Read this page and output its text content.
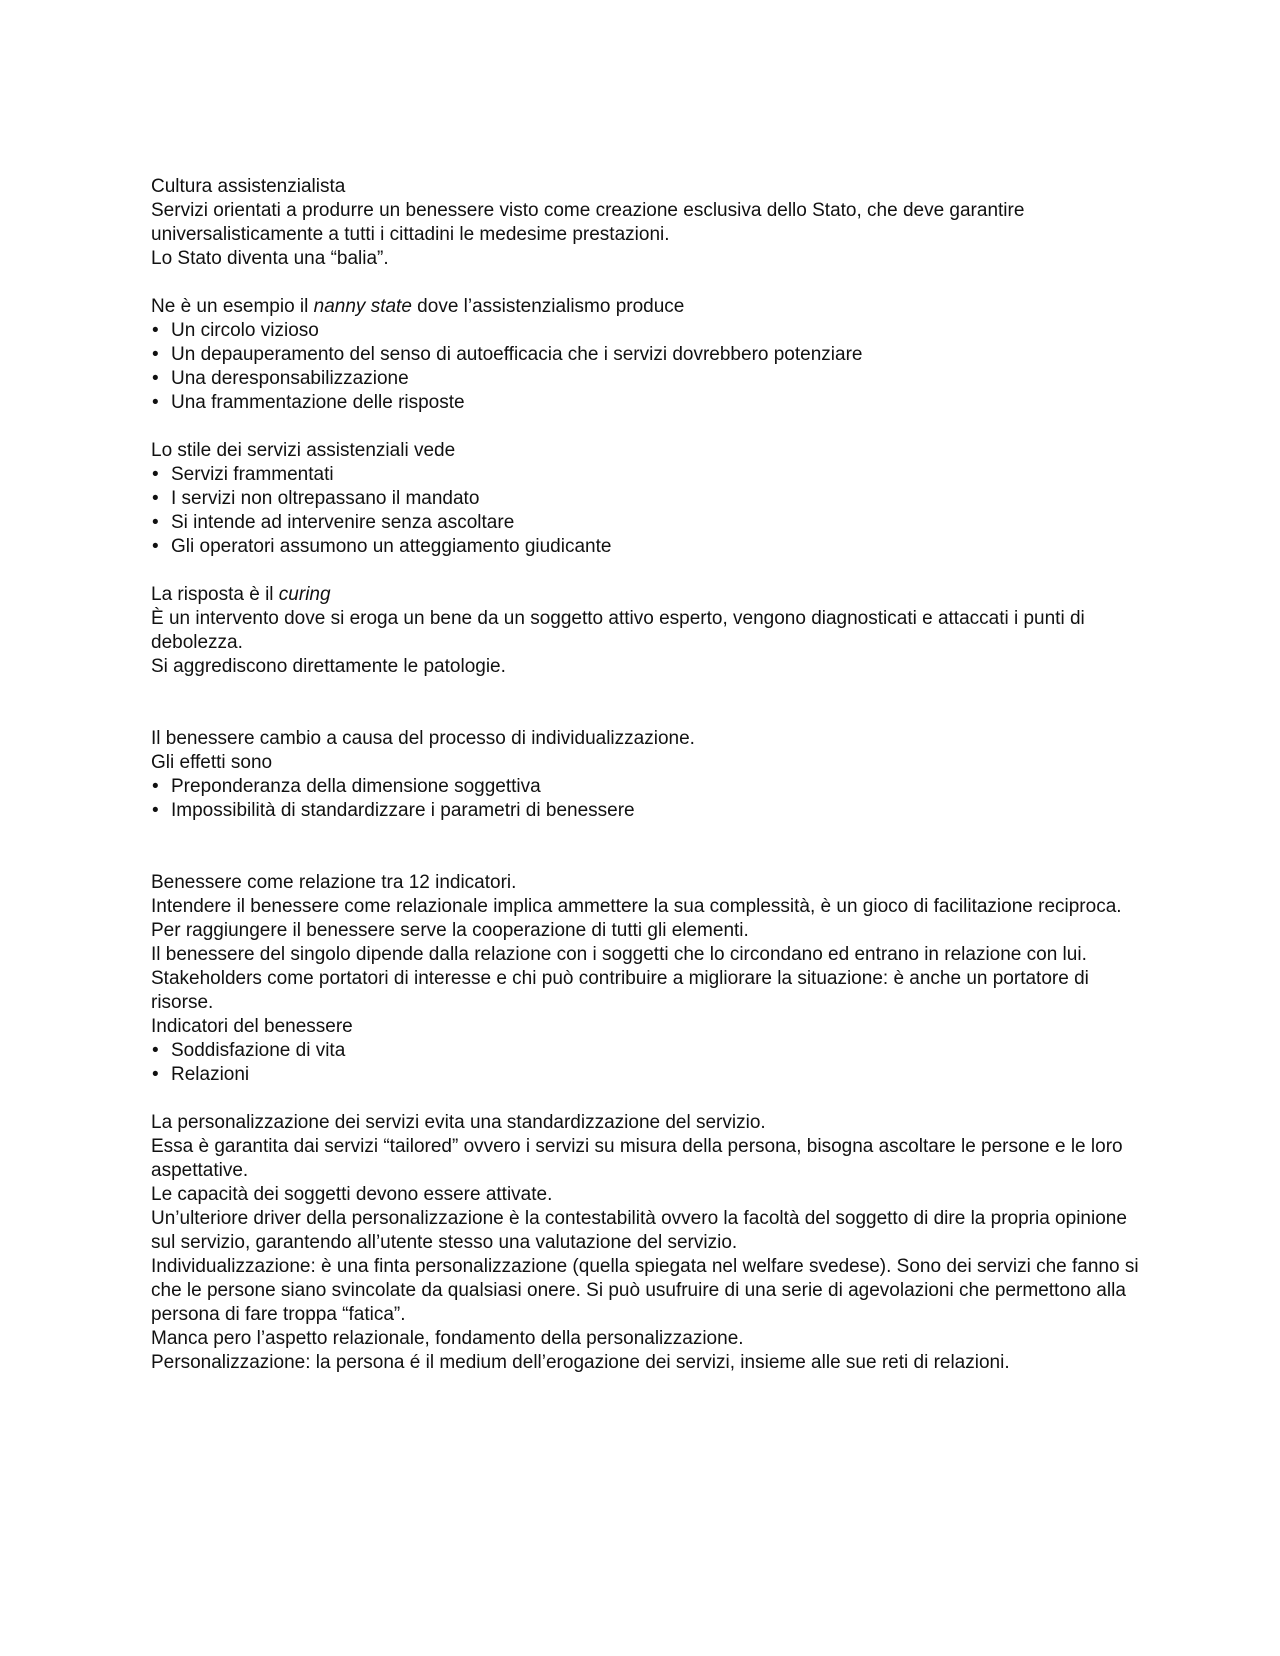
Cultura assistenzialista

Servizi orientati a produrre un benessere visto come creazione esclusiva dello Stato, che deve garantire universalisticamente a tutti i cittadini le medesime prestazioni.

Lo Stato diventa una “balia”.

Ne è un esempio il nanny state dove l’assistenzialismo produce

• Un circolo vizioso
• Un depauperamento del senso di autoefficacia che i servizi dovrebbero potenziare
• Una deresponsabilizzazione
• Una frammentazione delle risposte

Lo stile dei servizi assistenziali vede

• Servizi frammentati
• I servizi non oltrepassano il mandato
• Si intende ad intervenire senza ascoltare
• Gli operatori assumono un atteggiamento giudicante

La risposta è il curing

È un intervento dove si eroga un bene da un soggetto attivo esperto, vengono diagnosticati e attaccati i punti di debolezza.

Si aggrediscono direttamente le patologie.

Il benessere cambio a causa del processo di individualizzazione.

Gli effetti sono

• Preponderanza della dimensione soggettiva
• Impossibilità di standardizzare i parametri di benessere

Benessere come relazione tra 12 indicatori.

Intendere il benessere come relazionale implica ammettere la sua complessità, è un gioco di facilitazione reciproca.

Per raggiungere il benessere serve la cooperazione di tutti gli elementi.

Il benessere del singolo dipende dalla relazione con i soggetti che lo circondano ed entrano in relazione con lui.

Stakeholders come portatori di interesse e chi può contribuire a migliorare la situazione: è anche un portatore di risorse.

Indicatori del benessere

• Soddisfazione di vita
• Relazioni

La personalizzazione dei servizi evita una standardizzazione del servizio.

Essa è garantita dai servizi “tailored” ovvero i servizi su misura della persona, bisogna ascoltare le persone e le loro aspettative.

Le capacità dei soggetti devono essere attivate.

Un’ulteriore driver della personalizzazione è la contestabilità ovvero la facoltà del soggetto di dire la propria opinione sul servizio, garantendo all’utente stesso una valutazione del servizio.

Individualizzazione: è una finta personalizzazione (quella spiegata nel welfare svedese). Sono dei servizi che fanno si che le persone siano svincolate da qualsiasi onere. Si può usufruire di una serie di agevolazioni che permettono alla persona di fare troppa “fatica”.

Manca pero l’aspetto relazionale, fondamento della personalizzazione.

Personalizzazione: la persona é il medium dell’erogazione dei servizi, insieme alle sue reti di relazioni.
